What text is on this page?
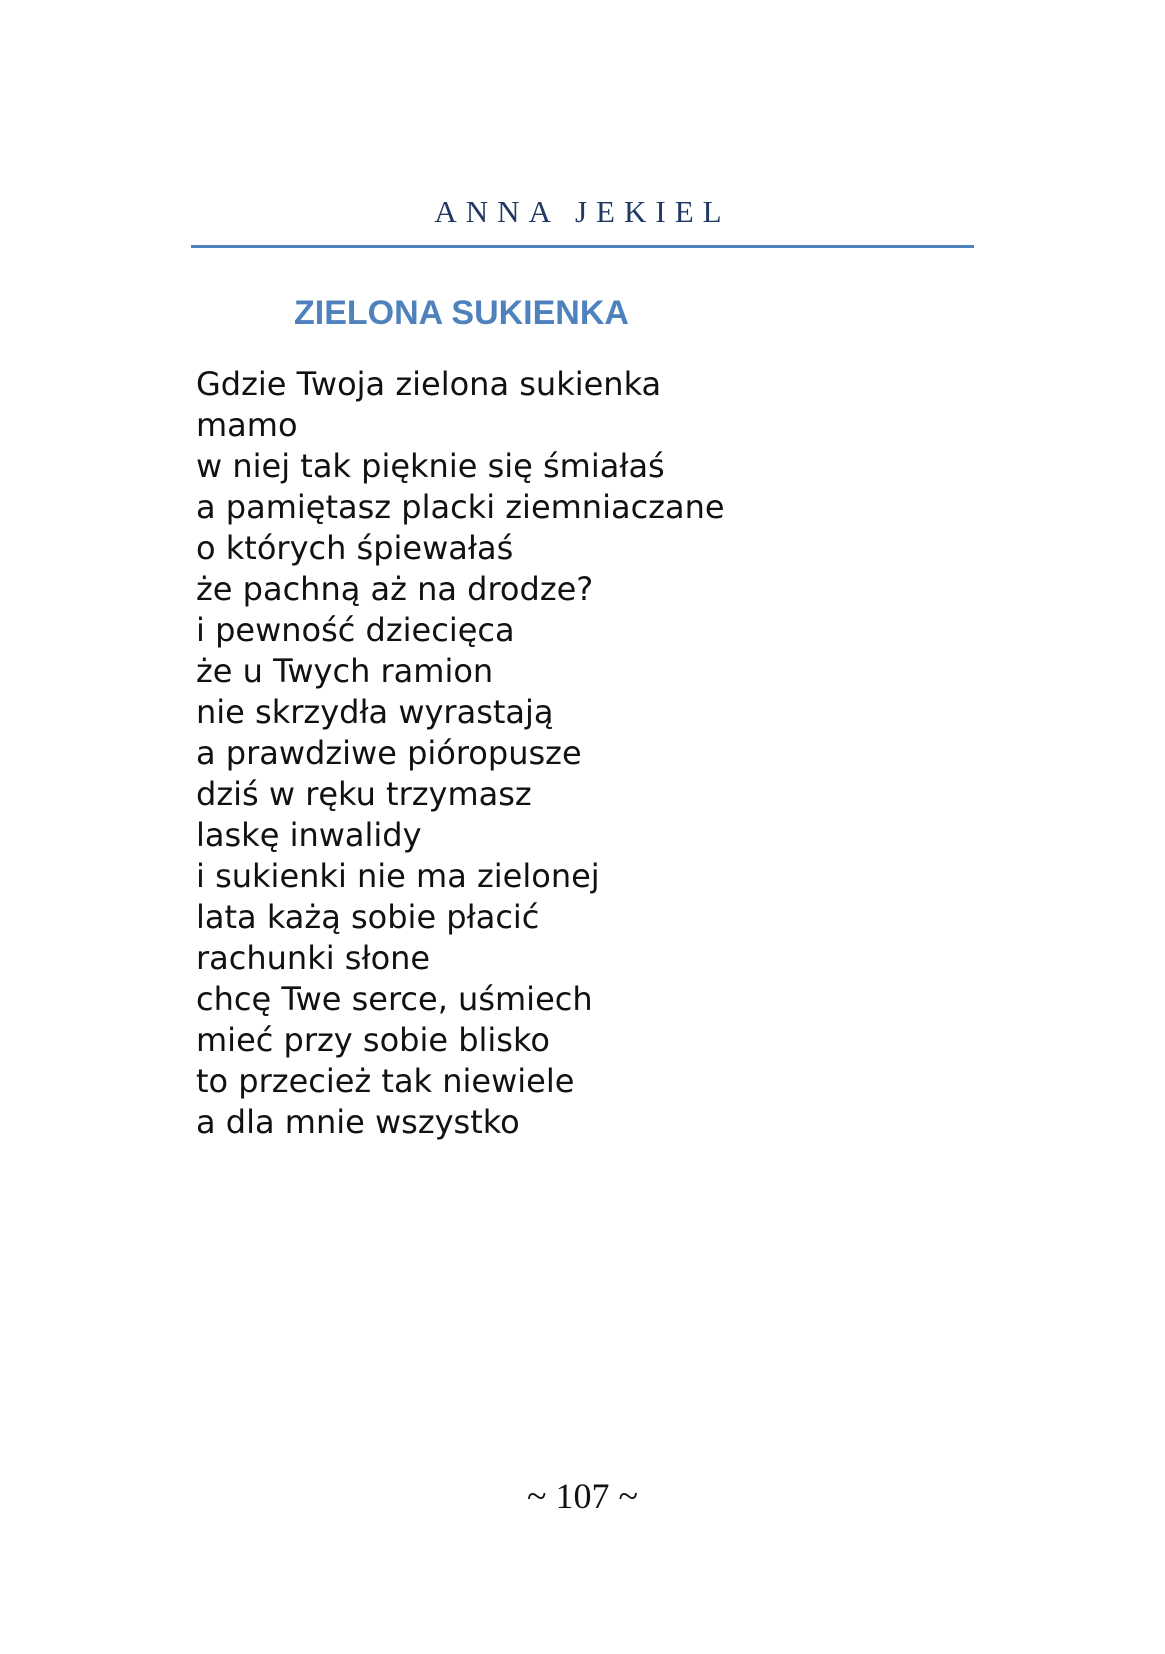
ANNA JEKIEL
ZIELONA SUKIENKA
Gdzie Twoja zielona sukienka
mamo
w niej tak pięknie się śmiałaś
a pamiętasz placki ziemniaczane
o których śpiewałaś
że pachną aż na drodze?
i pewność dziecięca
że u Twych ramion
nie skrzydła wyrastają
a prawdziwe pióropusze
dziś w ręku trzymasz
laskę inwalidy
i sukienki nie ma zielonej
lata każą sobie płacić
rachunki słone
chcę Twe serce, uśmiech
mieć przy sobie blisko
to przecież tak niewiele
a dla mnie wszystko
~ 107 ~
